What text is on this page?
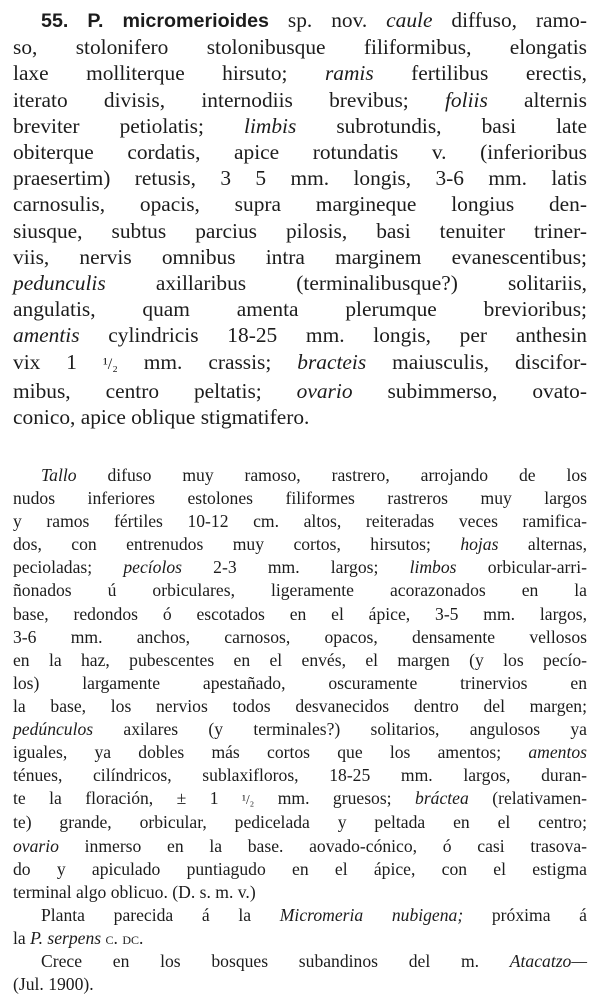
55. P. micromerioides sp. nov. caule diffuso, ramo-
so, stolonifero stolonibusque filiformibus, elongatis
laxe molliterque hirsuto; ramis fertilibus erectis,
iterato divisis, internodiis brevibus; foliis alternis
breviter petiolatis; limbis subrotundis, basi late
obiterque cordatis, apice rotundatis v. (inferioribus
praesertim) retusis, 3 5 mm. longis, 3-6 mm. latis
carnosulis, opacis, supra margineque longius den-
siusque, subtus parcius pilosis, basi tenuiter triner-
viis, nervis omnibus intra marginem evanescentibus;
pedunculis axillaribus (terminalibusque?) solitariis,
angulatis, quam amenta plerumque brevioribus;
amentis cylindricis 18-25 mm. longis, per anthesin
vix 1 ¹/₂ mm. crassis; bracteis maiusculis, discifor-
mibus, centro peltatis; ovario subimmerso, ovato-
conico, apice oblique stigmatifero.
Tallo difuso muy ramoso, rastrero, arrojando de los
nudos inferiores estolones filiformes rastreros muy largos
y ramos fértiles 10-12 cm. altos, reiteradas veces ramifica-
dos, con entrenudos muy cortos, hirsutos; hojas alternas,
pecioladas; pecíolos 2-3 mm. largos; limbos orbicular-arri-
ñonados ú orbiculares, ligeramente acorazonados en la
base, redondos ó escotados en el ápice, 3-5 mm. largos,
3-6 mm. anchos, carnosos, opacos, densamente vellosos
en la haz, pubescentes en el envés, el margen (y los pecío-
los) largamente apestañado, oscuramente trinervios en
la base, los nervios todos desvanecidos dentro del margen;
pedúnculos axilares (y terminales?) solitarios, angulosos ya
iguales, ya dobles más cortos que los amentos; amentos
ténues, cilíndricos, sublaxifloros, 18-25 mm. largos, duran-
te la floración, ± 1 ¹/₂ mm. gruesos; bráctea (relativamen-
te) grande, orbicular, pedicelada y peltada en el centro;
ovario inmerso en la base. aovado-cónico, ó casi trasova-
do y apiculado puntiagudo en el ápice, con el estigma
terminal algo oblicuo. (D. s. m. v.)
Planta parecida á la Micromeria nubigena; próxima á
la P. serpens c. dc.
Crece en los bosques subandinos del m. Atacatzo—
(Jul. 1900).
